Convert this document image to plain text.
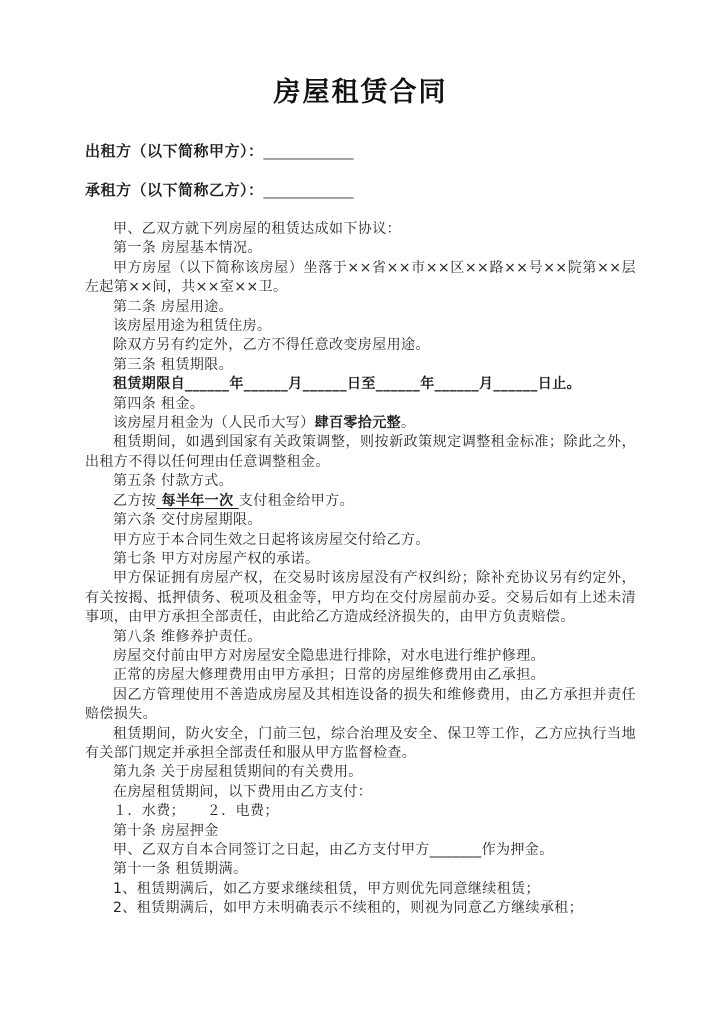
房屋租赁合同

出租方（以下简称甲方）：____________

承租方（以下简称乙方）：____________

甲、乙双方就下列房屋的租赁达成如下协议：

第一条 房屋基本情况。

甲方房屋（以下简称该房屋）坐落于××省××市××区××路××号××院第××层左起第××间，共××室××卫。

第二条 房屋用途。

该房屋用途为租赁住房。

除双方另有约定外，乙方不得任意改变房屋用途。

第三条 租赁期限。

租赁期限自______年______月______日至______年______月______日止。

第四条 租金。

该房屋月租金为（人民币大写）肆百零拾元整。

租赁期间，如遇到国家有关政策调整，则按新政策规定调整租金标准；除此之外，出租方不得以任何理由任意调整租金。

第五条 付款方式。

乙方按 每半年一次 支付租金给甲方。

第六条 交付房屋期限。

甲方应于本合同生效之日起将该房屋交付给乙方。

第七条 甲方对房屋产权的承诺。

甲方保证拥有房屋产权，在交易时该房屋没有产权纠纷；除补充协议另有约定外，有关按揭、抵押债务、税项及租金等，甲方均在交付房屋前办妥。交易后如有上述未清事项，由甲方承担全部责任，由此给乙方造成经济损失的，由甲方负责赔偿。

第八条 维修养护责任。

房屋交付前由甲方对房屋安全隐患进行排除，对水电进行维护修理。

正常的房屋大修理费用由甲方承担；日常的房屋维修费用由乙承担。

因乙方管理使用不善造成房屋及其相连设备的损失和维修费用，由乙方承担并责任赔偿损失。

租赁期间，防火安全，门前三包，综合治理及安全、保卫等工作，乙方应执行当地有关部门规定并承担全部责任和服从甲方监督检查。

第九条 关于房屋租赁期间的有关费用。

在房屋租赁期间，以下费用由乙方支付：

１．水费；　　２．电费；

第十条 房屋押金

甲、乙双方自本合同签订之日起，由乙方支付甲方_______作为押金。

第十一条 租赁期满。

1、租赁期满后，如乙方要求继续租赁，甲方则优先同意继续租赁；

2、租赁期满后，如甲方未明确表示不续租的，则视为同意乙方继续承租；
